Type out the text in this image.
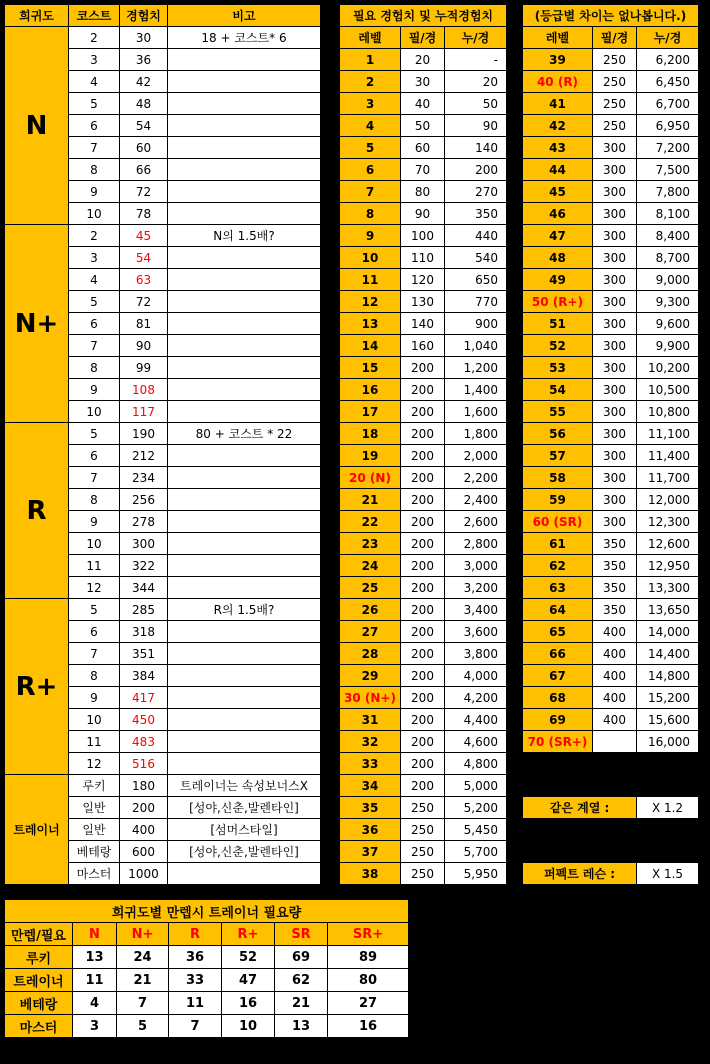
희귀도	코스트	경험치	비고
N	2	30	18 + 코스트* 6
	3	36	
	4	42	
	5	48	
	6	54	
	7	60	
	8	66	
	9	72	
	10	78	
N+	2	45	N의 1.5배?
	3	54	
	4	63	
	5	72	
	6	81	
	7	90	
	8	99	
	9	108	
	10	117	
R	5	190	80 + 코스트 * 22
	6	212	
	7	234	
	8	256	
	9	278	
	10	300	
	11	322	
	12	344	
R+	5	285	R의 1.5배?
	6	318	
	7	351	
	8	384	
	9	417	
	10	450	
	11	483	
	12	516	
트레이너	루키	180	트레이너는 속성보너스X
	일반	200	[성야,신춘,발렌타인]
	일반	400	[섬머스타일]
	베테랑	600	[성야,신춘,발렌타인]
	마스터	1000	
필요 경험치 및 누적경험치		
레벨	필/경	누/경
1	20	-
2	30	20
3	40	50
4	50	90
5	60	140
6	70	200
7	80	270
8	90	350
9	100	440
10	110	540
11	120	650
12	130	770
13	140	900
14	160	1,040
15	200	1,200
16	200	1,400
17	200	1,600
18	200	1,800
19	200	2,000
20 (N)	200	2,200
21	200	2,400
22	200	2,600
23	200	2,800
24	200	3,000
25	200	3,200
26	200	3,400
27	200	3,600
28	200	3,800
29	200	4,000
30 (N+)	200	4,200
31	200	4,400
32	200	4,600
33	200	4,800
34	200	5,000
35	250	5,200
36	250	5,450
37	250	5,700
38	250	5,950
(등급별 차이는 없나봅니다.)		
레벨	필/경	누/경
39	250	6,200
40 (R)	250	6,450
41	250	6,700
42	250	6,950
43	300	7,200
44	300	7,500
45	300	7,800
46	300	8,100
47	300	8,400
48	300	8,700
49	300	9,000
50 (R+)	300	9,300
51	300	9,600
52	300	9,900
53	300	10,200
54	300	10,500
55	300	10,800
56	300	11,100
57	300	11,400
58	300	11,700
59	300	12,000
60 (SR)	300	12,300
61	350	12,600
62	350	12,950
63	350	13,300
64	350	13,650
65	400	14,000
66	400	14,400
67	400	14,800
68	400	15,200
69	400	15,600
70 (SR+)		16,000
같은 계열 :	X 1.2
퍼펙트 레슨 :	X 1.5
희귀도별 만렙시 트레이너 필요량						
만렙/필요	N	N+	R	R+	SR	SR+
루키	13	24	36	52	69	89
트레이너	11	21	33	47	62	80
베테랑	4	7	11	16	21	27
마스터	3	5	7	10	13	16
